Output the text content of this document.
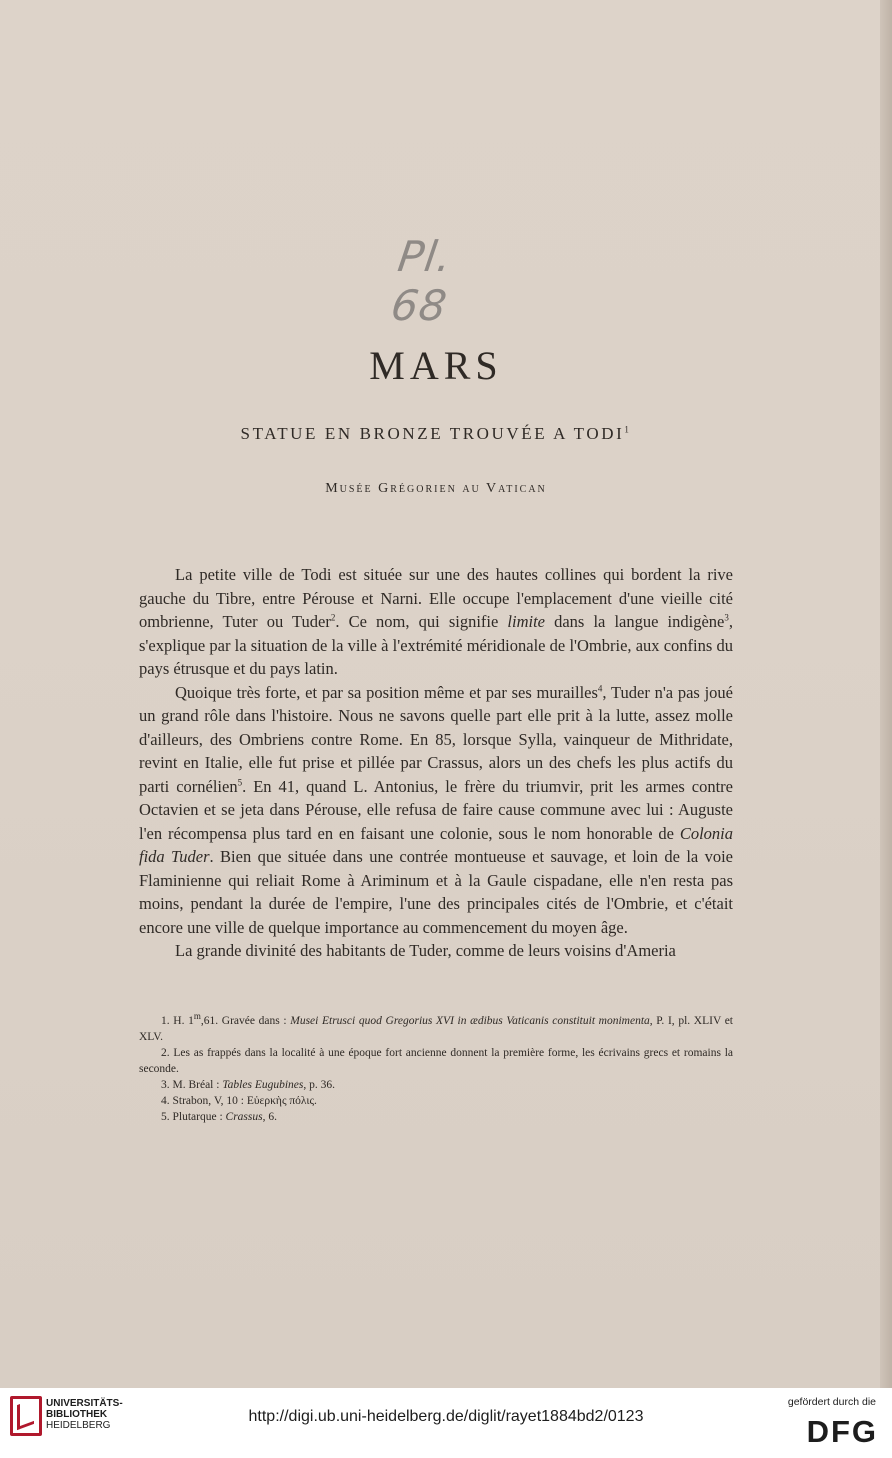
Pl. 68
MARS
STATUE EN BRONZE TROUVÉE A TODI$^1$
Musée Grégorien au Vatican

La petite ville de Todi est située sur une des hautes collines qui bordent la rive gauche du Tibre, entre Pérouse et Narni. Elle occupe l'emplacement d'une vieille cité ombrienne, Tuter ou Tuder$^2$. Ce nom, qui signifie limite dans la langue indigène$^3$, s'explique par la situation de la ville à l'extrémité méridionale de l'Ombrie, aux confins du pays étrusque et du pays latin.

Quoique très forte, et par sa position même et par ses murailles$^4$, Tuder n'a pas joué un grand rôle dans l'histoire. Nous ne savons quelle part elle prit à la lutte, assez molle d'ailleurs, des Ombriens contre Rome. En 85, lorsque Sylla, vainqueur de Mithridate, revint en Italie, elle fut prise et pillée par Crassus, alors un des chefs les plus actifs du parti cornélien$^5$. En 41, quand L. Antonius, le frère du triumvir, prit les armes contre Octavien et se jeta dans Pérouse, elle refusa de faire cause commune avec lui : Auguste l'en récompensa plus tard en en faisant une colonie, sous le nom honorable de Colonia fida Tuder. Bien que située dans une contrée montueuse et sauvage, et loin de la voie Flaminienne qui reliait Rome à Ariminum et à la Gaule cispadane, elle n'en resta pas moins, pendant la durée de l'empire, l'une des principales cités de l'Ombrie, et c'était encore une ville de quelque importance au commencement du moyen âge.

La grande divinité des habitants de Tuder, comme de leurs voisins d'Ameria

1. H. 1$^m$,61. Gravée dans : Musei Etrusci quod Gregorius XVI in ædibus Vaticanis constituit monimenta, P. I, pl. XLIV et XLV.

2. Les as frappés dans la localité à une époque fort ancienne donnent la première forme, les écrivains grecs et romains la seconde.

3. M. Bréal : Tables Eugubines, p. 36.

4. Strabon, V, 10 : Εὐερκὴς πόλις.

5. Plutarque : Crassus, 6.

UNIVERSITÄTS-
BIBLIOTHEK
HEIDELBERG
http://digi.ub.uni-heidelberg.de/diglit/rayet1884bd2/0123
gefördert durch die
DFG
